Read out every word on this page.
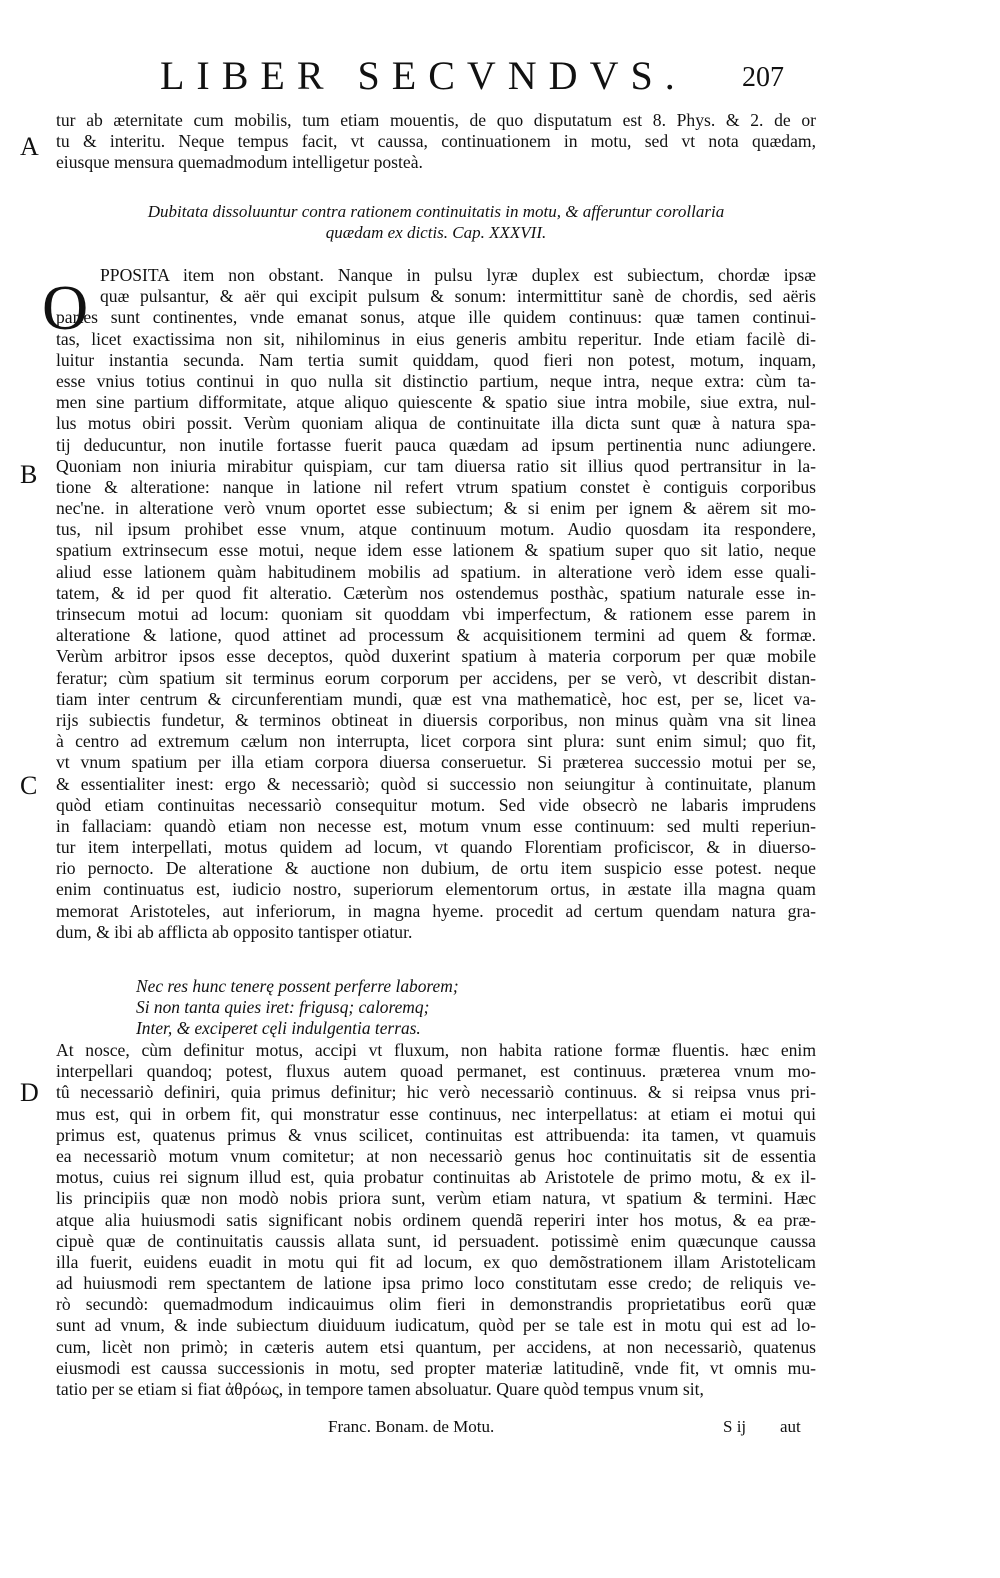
LIBER SECVNDVS. 207
A
B
C
D
tur ab æternitate cum mobilis, tum etiam mouentis, de quo disputatum est 8. Phys. & 2. de or
tu & interitu. Neque tempus facit, vt caussa, continuationem in motu, sed vt nota quædam,
eiusque mensura quemadmodum intelligetur posteà.
Dubitata dissoluuntur contra rationem continuitatis in motu, & afferuntur corollaria
quædam ex dictis. Cap. XXXVII.
O PPOSITA item non obstant. Nanque in pulsu lyræ duplex est subiectum, chordæ ipsæ
quæ pulsantur, & aër qui excipit pulsum & sonum: intermittitur sanè de chordis, sed aëris
partes sunt continentes, vnde emanat sonus, atque ille quidem continuus: quæ tamen continui-
tas, licet exactissima non sit, nihilominus in eius generis ambitu reperitur. Inde etiam facilè di-
luitur instantia secunda. Nam tertia sumit quiddam, quod fieri non potest, motum, inquam,
esse vnius totius continui in quo nulla sit distinctio partium, neque intra, neque extra: cùm ta-
men sine partium difformitate, atque aliquo quiescente & spatio siue intra mobile, siue extra, nul-
lus motus obiri possit. Verùm quoniam aliqua de continuitate illa dicta sunt quæ à natura spa-
tij deducuntur, non inutile fortasse fuerit pauca quædam ad ipsum pertinentia nunc adiungere.
Quoniam non iniuria mirabitur quispiam, cur tam diuersa ratio sit illius quod pertransitur in la-
tione & alteratione: nanque in latione nil refert vtrum spatium constet è contiguis corporibus
nec'ne. in alteratione verò vnum oportet esse subiectum; & si enim per ignem & aërem sit mo-
tus, nil ipsum prohibet esse vnum, atque continuum motum. Audio quosdam ita respondere,
spatium extrinsecum esse motui, neque idem esse lationem & spatium super quo sit latio, neque
aliud esse lationem quàm habitudinem mobilis ad spatium. in alteratione verò idem esse quali-
tatem, & id per quod fit alteratio. Cæterùm nos ostendemus posthàc, spatium naturale esse in-
trinsecum motui ad locum: quoniam sit quoddam vbi imperfectum, & rationem esse parem in
alteratione & latione, quod attinet ad processum & acquisitionem termini ad quem & formæ.
Verùm arbitror ipsos esse deceptos, quòd duxerint spatium à materia corporum per quæ mobile
feratur; cùm spatium sit terminus eorum corporum per accidens, per se verò, vt describit distan-
tiam inter centrum & circunferentiam mundi, quæ est vna mathematicè, hoc est, per se, licet va-
rijs subiectis fundetur, & terminos obtineat in diuersis corporibus, non minus quàm vna sit linea
à centro ad extremum cælum non interrupta, licet corpora sint plura: sunt enim simul; quo fit,
vt vnum spatium per illa etiam corpora diuersa conseruetur. Si præterea successio motui per se,
& essentialiter inest: ergo & necessariò; quòd si successio non seiungitur à continuitate, planum
quòd etiam continuitas necessariò consequitur motum. Sed vide obsecrò ne labaris imprudens
in fallaciam: quandò etiam non necesse est, motum vnum esse continuum: sed multi reperiun-
tur item interpellati, motus quidem ad locum, vt quando Florentiam proficiscor, & in diuerso-
rio pernocto. De alteratione & auctione non dubium, de ortu item suspicio esse potest. neque
enim continuatus est, iudicio nostro, superiorum elementorum ortus, in æstate illa magna quam
memorat Aristoteles, aut inferiorum, in magna hyeme. procedit ad certum quendam natura gra-
dum, & ibi ab afflicta ab opposito tantisper otiatur.
Nec res hunc tenerę possent perferre laborem;
Si non tanta quies iret: frigusq; caloremq;
Inter, & exciperet cęli indulgentia terras.
At nosce, cùm definitur motus, accipi vt fluxum, non habita ratione formæ fluentis. hæc enim
interpellari quandoq; potest, fluxus autem quoad permanet, est continuus. præterea vnum mo-
tû necessariò definiri, quia primus definitur; hic verò necessariò continuus. & si reipsa vnus pri-
mus est, qui in orbem fit, qui monstratur esse continuus, nec interpellatus: at etiam ei motui qui
primus est, quatenus primus & vnus scilicet, continuitas est attribuenda: ita tamen, vt quamuis
ea necessariò motum vnum comitetur; at non necessariò genus hoc continuitatis sit de essentia
motus, cuius rei signum illud est, quia probatur continuitas ab Aristotele de primo motu, & ex il-
lis principiis quæ non modò nobis priora sunt, verùm etiam natura, vt spatium & termini. Hæc
atque alia huiusmodi satis significant nobis ordinem quendã reperiri inter hos motus, & ea præ-
cipuè quæ de continuitatis caussis allata sunt, id persuadent. potissimè enim quæcunque caussa
illa fuerit, euidens euadit in motu qui fit ad locum, ex quo demõstrationem illam Aristotelicam
ad huiusmodi rem spectantem de latione ipsa primo loco constitutam esse credo; de reliquis ve-
rò secundò: quemadmodum indicauimus olim fieri in demonstrandis proprietatibus eorũ quæ
sunt ad vnum, & inde subiectum diuiduum iudicatum, quòd per se tale est in motu qui est ad lo-
cum, licèt non primò; in cæteris autem etsi quantum, per accidens, at non necessariò, quatenus
eiusmodi est caussa successionis in motu, sed propter materiæ latitudinẽ, vnde fit, vt omnis mu-
tatio per se etiam si fiat ἀθρόως, in tempore tamen absoluatur. Quare quòd tempus vnum sit,
Franc. Bonam. de Motu.	S ij aut
